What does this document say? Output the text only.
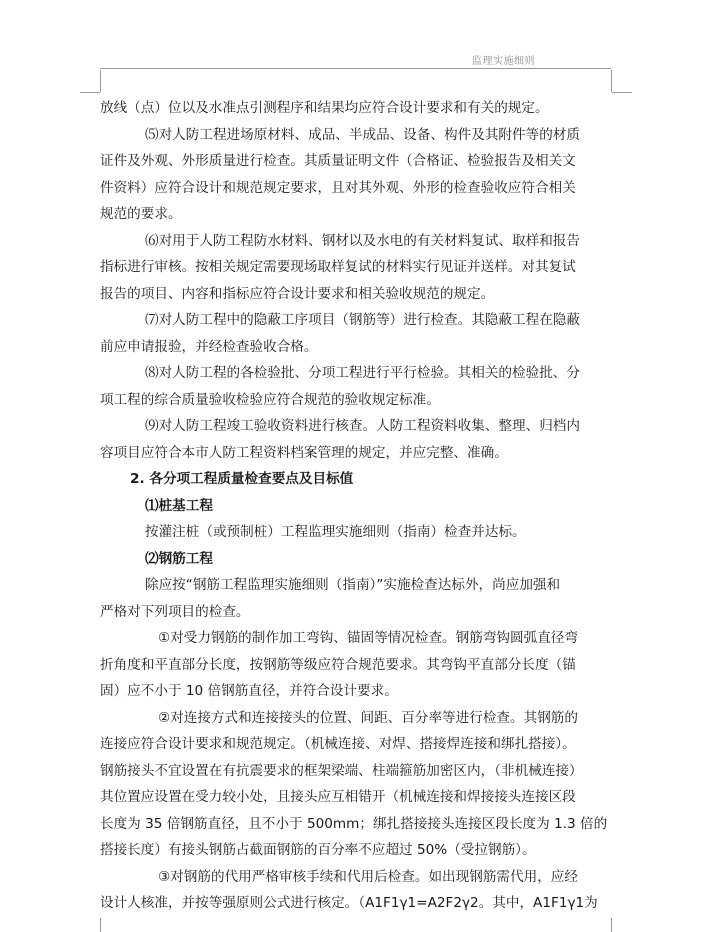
监理实施细则
放线（点）位以及水准点引测程序和结果均应符合设计要求和有关的规定。
⑸对人防工程进场原材料、成品、半成品、设备、构件及其附件等的材质
证件及外观、外形质量进行检查。其质量证明文件（合格证、检验报告及相关文
件资料）应符合设计和规范规定要求，且对其外观、外形的检查验收应符合相关
规范的要求。
⑹对用于人防工程防水材料、钢材以及水电的有关材料复试、取样和报告
指标进行审核。按相关规定需要现场取样复试的材料实行见证并送样。对其复试
报告的项目、内容和指标应符合设计要求和相关验收规范的规定。
⑺对人防工程中的隐蔽工序项目（钢筋等）进行检查。其隐蔽工程在隐蔽
前应申请报验，并经检查验收合格。
⑻对人防工程的各检验批、分项工程进行平行检验。其相关的检验批、分
项工程的综合质量验收检验应符合规范的验收规定标准。
⑼对人防工程竣工验收资料进行核查。人防工程资料收集、整理、归档内
容项目应符合本市人防工程资料档案管理的规定，并应完整、准确。
2. 各分项工程质量检查要点及目标值
⑴桩基工程
按灌注桩（或预制桩）工程监理实施细则（指南）检查并达标。
⑵钢筋工程
除应按“钢筋工程监理实施细则（指南）”实施检查达标外，尚应加强和
严格对下列项目的检查。
①对受力钢筋的制作加工弯钩、锚固等情况检查。钢筋弯钩圆弧直径弯
折角度和平直部分长度，按钢筋等级应符合规范要求。其弯钩平直部分长度（锚
固）应不小于 10 倍钢筋直径，并符合设计要求。
②对连接方式和连接接头的位置、间距、百分率等进行检查。其钢筋的
连接应符合设计要求和规范规定。（机械连接、对焊、搭接焊连接和绑扎搭接）。
钢筋接头不宜设置在有抗震要求的框架梁端、柱端箍筋加密区内，（非机械连接）
其位置应设置在受力较小处，且接头应互相错开（机械连接和焊接接头连接区段
长度为 35 倍钢筋直径，且不小于 500mm；绑扎搭接接头连接区段长度为 1.3 倍的
搭接长度）有接头钢筋占截面钢筋的百分率不应超过 50%（受拉钢筋）。
③对钢筋的代用严格审核手续和代用后检查。如出现钢筋需代用，应经
设计人核准，并按等强原则公式进行核定。（A1F1γ1=A2F2γ2。其中，A1F1γ1为
